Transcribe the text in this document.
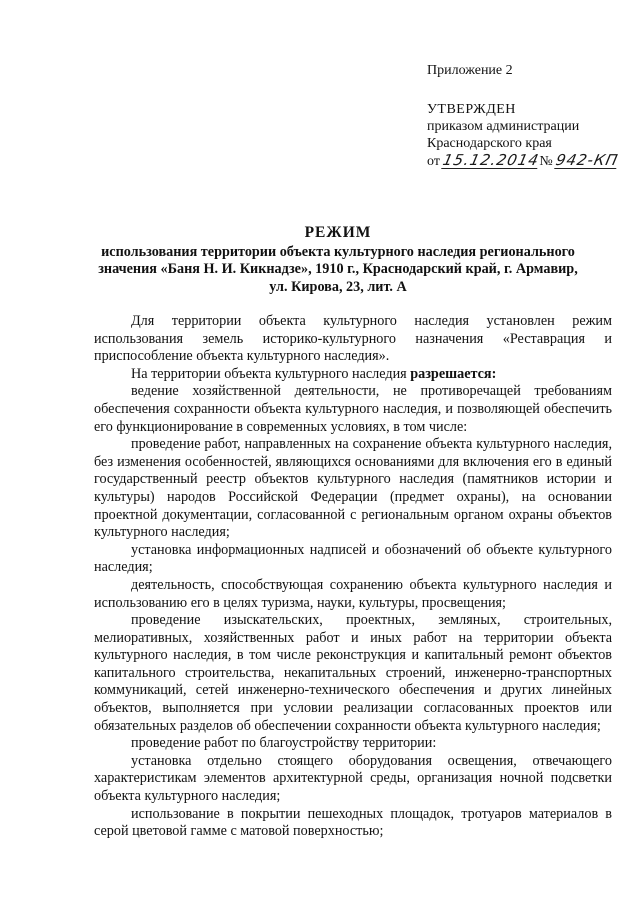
Приложение 2
УТВЕРЖДЕН
приказом администрации
Краснодарского края
от 15.12.2014№ 942-КП
РЕЖИМ
использования территории объекта культурного наследия регионального
значения «Баня Н. И. Кикнадзе», 1910 г., Краснодарский край, г. Армавир,
ул. Кирова, 23, лит. А

Для территории объекта культурного наследия установлен режим использования земель историко-культурного назначения «Реставрация и приспособление объекта культурного наследия».

На территории объекта культурного наследия разрешается:

ведение хозяйственной деятельности, не противоречащей требованиям обеспечения сохранности объекта культурного наследия, и позволяющей обеспечить его функционирование в современных условиях, в том числе:

проведение работ, направленных на сохранение объекта культурного наследия, без изменения особенностей, являющихся основаниями для включения его в единый государственный реестр объектов культурного наследия (памятников истории и культуры) народов Российской Федерации (предмет охраны), на основании проектной документации, согласованной с региональным органом охраны объектов культурного наследия;

установка информационных надписей и обозначений об объекте культурного наследия;

деятельность, способствующая сохранению объекта культурного наследия и использованию его в целях туризма, науки, культуры, просвещения;

проведение изыскательских, проектных, земляных, строительных, мелиоративных, хозяйственных работ и иных работ на территории объекта культурного наследия, в том числе реконструкция и капитальный ремонт объектов капитального строительства, некапитальных строений, инженерно-транспортных коммуникаций, сетей инженерно-технического обеспечения и других линейных объектов, выполняется при условии реализации согласованных проектов или обязательных разделов об обеспечении сохранности объекта культурного наследия;

проведение работ по благоустройству территории:

установка отдельно стоящего оборудования освещения, отвечающего характеристикам элементов архитектурной среды, организация ночной подсветки объекта культурного наследия;

использование в покрытии пешеходных площадок, тротуаров материалов в серой цветовой гамме с матовой поверхностью;
